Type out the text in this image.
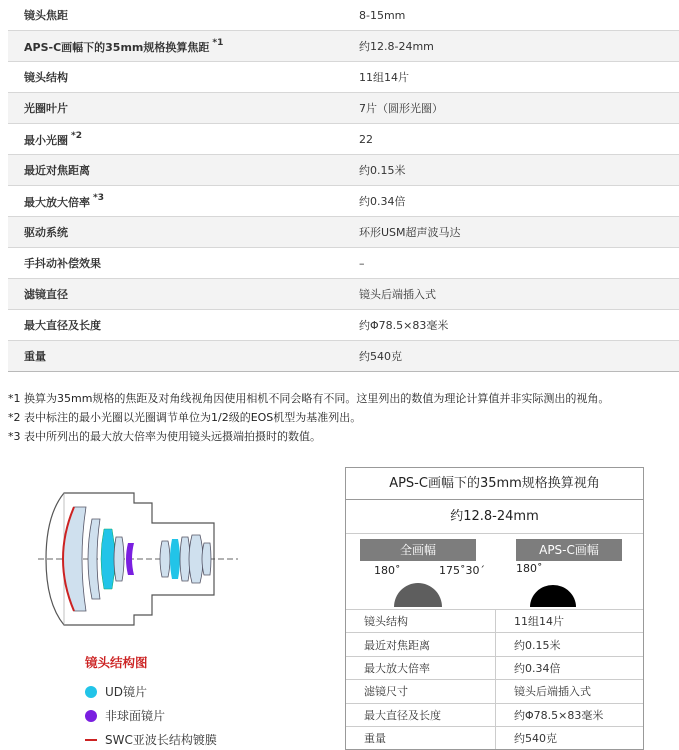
镜头焦距	8-15mm
APS-C画幅下的35mm规格换算焦距 $^{*1}$	约12.8-24mm
镜头结构	11组14片
光圈叶片	7片（圆形光圈）
最小光圈 $^{*2}$	22
最近对焦距离	约0.15米
最大放大倍率 $^{*3}$	约0.34倍
驱动系统	环形USM超声波马达
手抖动补偿效果	–
滤镜直径	镜头后端插入式
最大直径及长度	约Φ78.5×83毫米
重量	约540克
*1 换算为35mm规格的焦距及对角线视角因使用相机不同会略有不同。这里列出的数值为理论计算值并非实际测出的视角。
*2 表中标注的最小光圈以光圈调节单位为1/2级的EOS机型为基准列出。
*3 表中所列出的最大放大倍率为使用镜头远摄端拍摄时的数值。
镜头结构图
UD镜片
非球面镜片
SWC亚波长结构镀膜
APS-C画幅下的35mm规格换算视角
约12.8-24mm
全画幅	APS-C画幅
180˚	175˚30´	180˚
镜头结构	11组14片
最近对焦距离	约0.15米
最大放大倍率	约0.34倍
滤镜尺寸	镜头后端插入式
最大直径及长度	约Φ78.5×83毫米
重量	约540克
